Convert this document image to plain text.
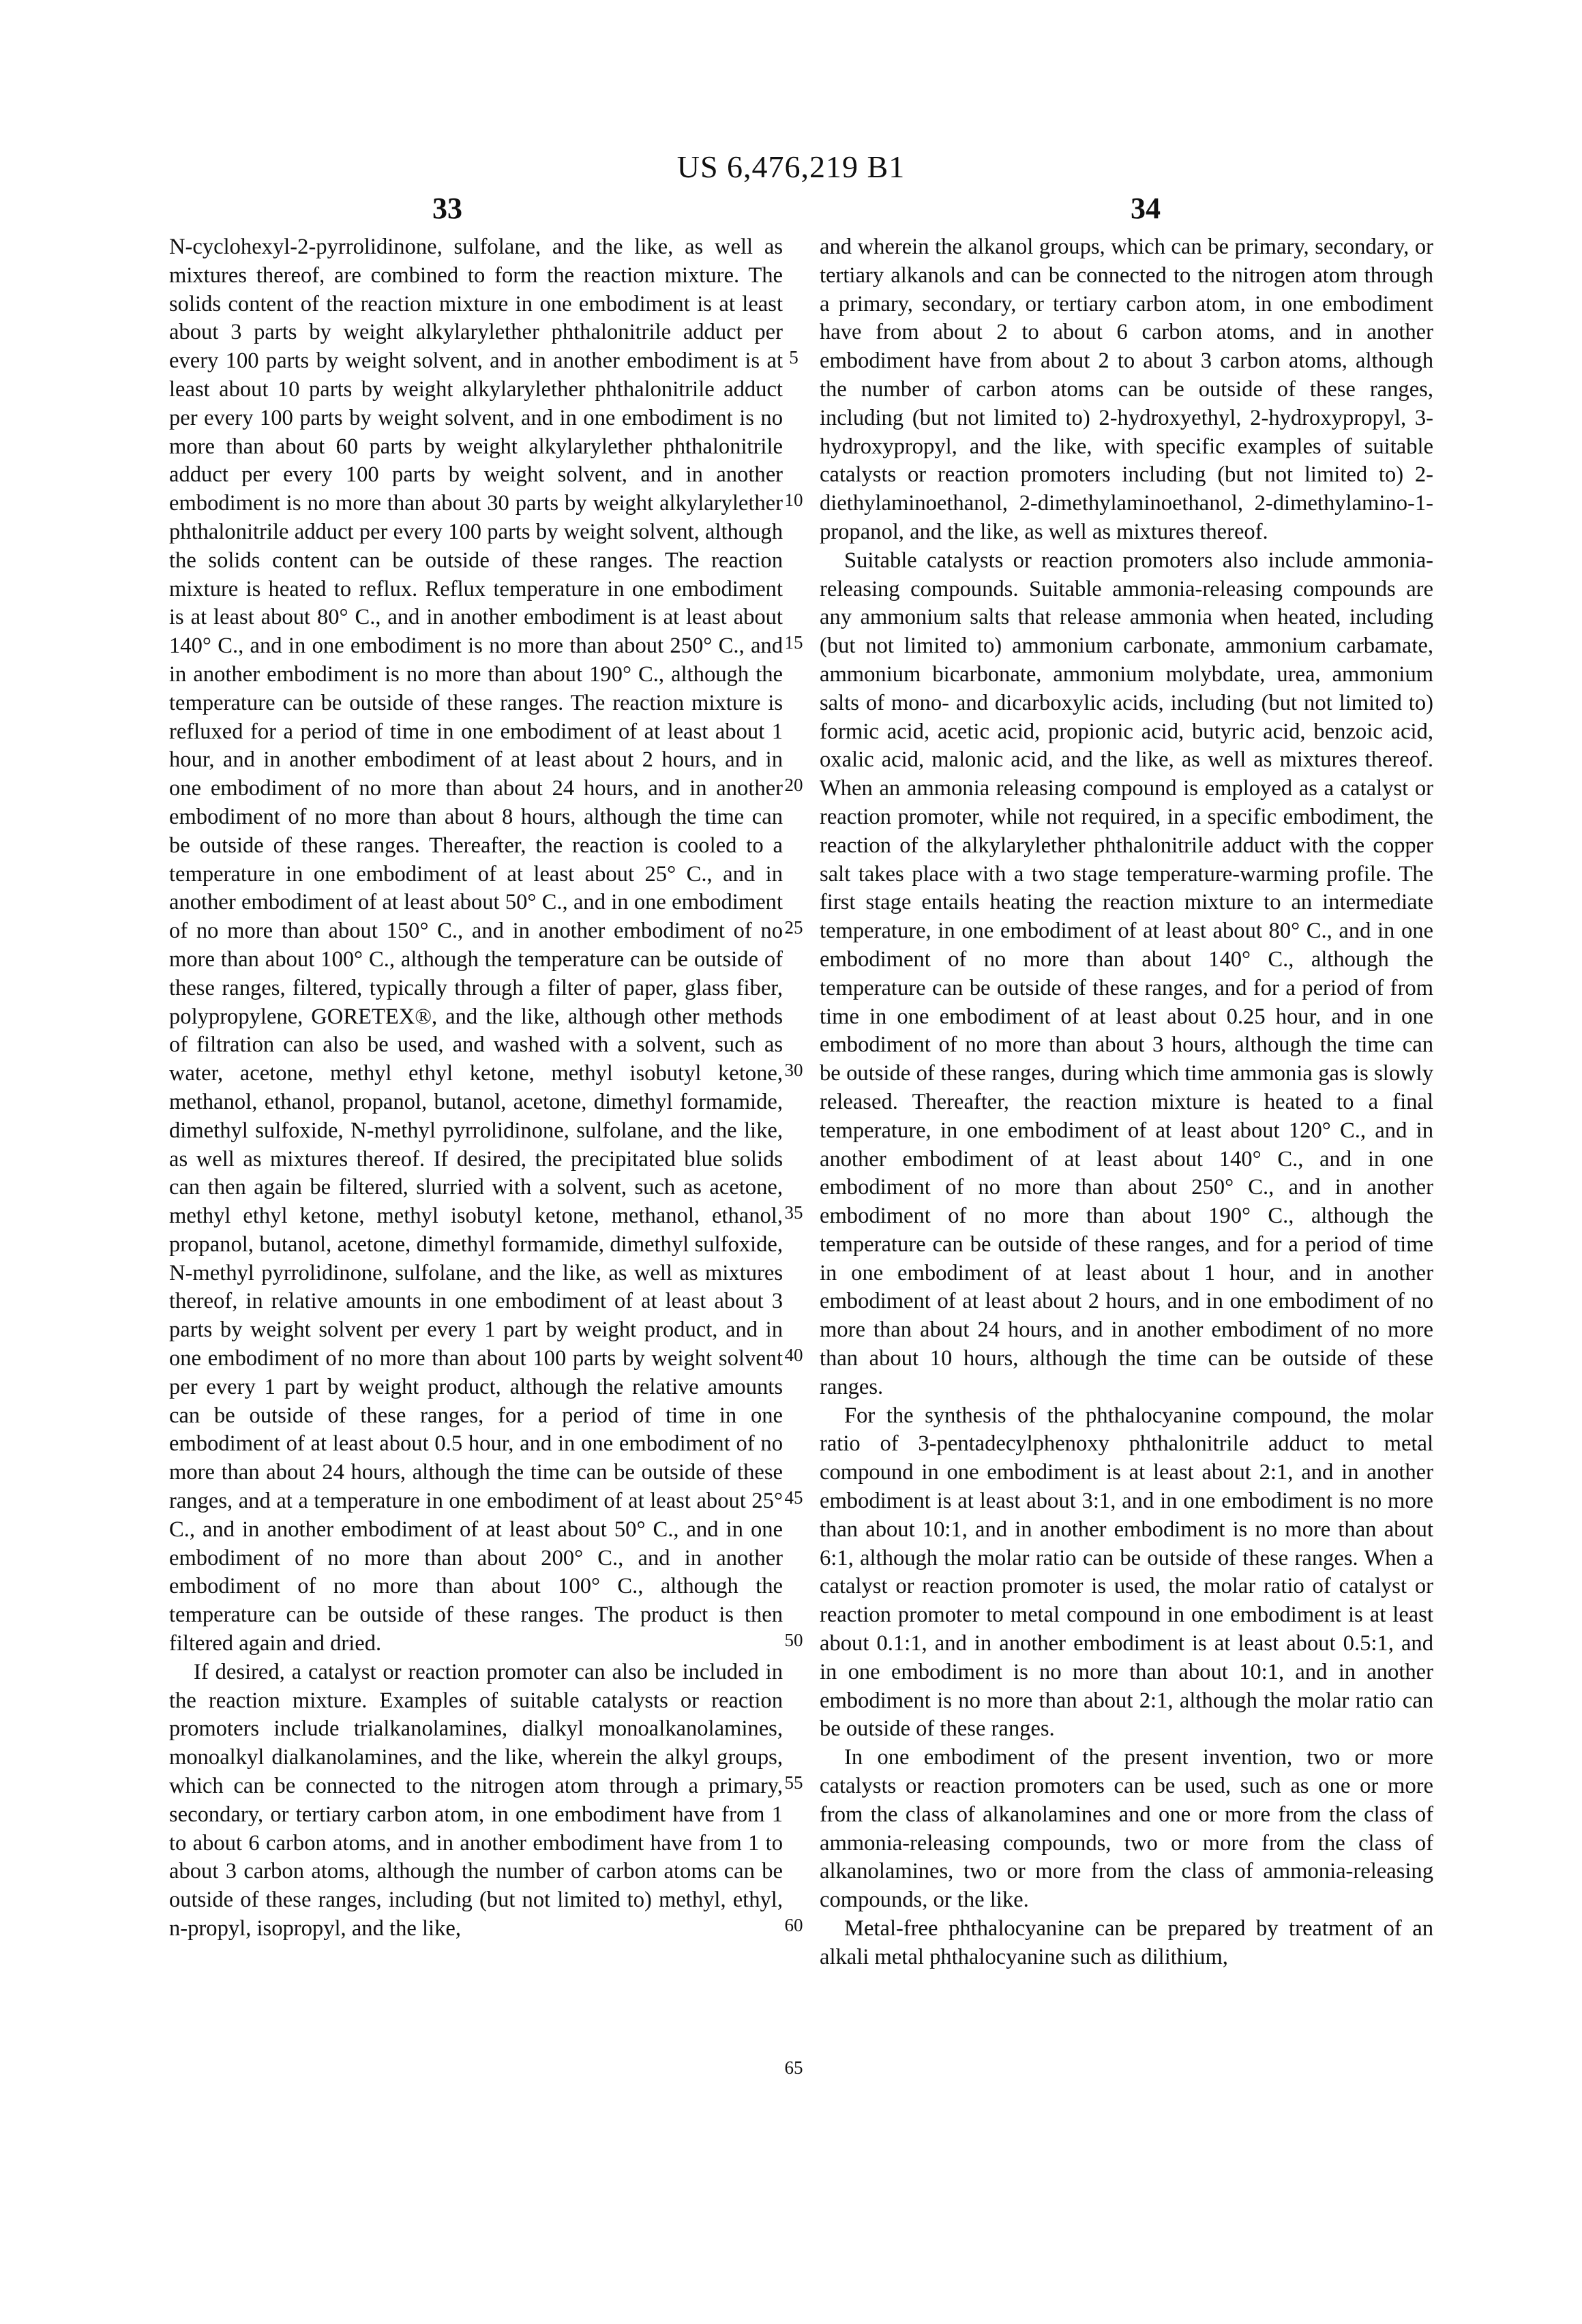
US 6,476,219 B1
33	34

N-cyclohexyl-2-pyrrolidinone, sulfolane, and the like, as well as mixtures thereof, are combined to form the reaction mixture. The solids content of the reaction mixture in one embodiment is at least about 3 parts by weight alkylarylether phthalonitrile adduct per every 100 parts by weight solvent, and in another embodiment is at least about 10 parts by weight alkylarylether phthalonitrile adduct per every 100 parts by weight solvent, and in one embodiment is no more than about 60 parts by weight alkylarylether phthalonitrile adduct per every 100 parts by weight solvent, and in another embodiment is no more than about 30 parts by weight alkylarylether phthalonitrile adduct per every 100 parts by weight solvent, although the solids content can be outside of these ranges. The reaction mixture is heated to reflux. Reflux temperature in one embodiment is at least about 80° C., and in another embodiment is at least about 140° C., and in one embodiment is no more than about 250° C., and in another embodiment is no more than about 190° C., although the temperature can be outside of these ranges. The reaction mixture is refluxed for a period of time in one embodiment of at least about 1 hour, and in another embodiment of at least about 2 hours, and in one embodiment of no more than about 24 hours, and in another embodiment of no more than about 8 hours, although the time can be outside of these ranges. Thereafter, the reaction is cooled to a temperature in one embodiment of at least about 25° C., and in another embodiment of at least about 50° C., and in one embodiment of no more than about 150° C., and in another embodiment of no more than about 100° C., although the temperature can be outside of these ranges, filtered, typically through a filter of paper, glass fiber, polypropylene, GORETEX®, and the like, although other methods of filtration can also be used, and washed with a solvent, such as water, acetone, methyl ethyl ketone, methyl isobutyl ketone, methanol, ethanol, propanol, butanol, acetone, dimethyl formamide, dimethyl sulfoxide, N-methyl pyrrolidinone, sulfolane, and the like, as well as mixtures thereof. If desired, the precipitated blue solids can then again be filtered, slurried with a solvent, such as acetone, methyl ethyl ketone, methyl isobutyl ketone, methanol, ethanol, propanol, butanol, acetone, dimethyl formamide, dimethyl sulfoxide, N-methyl pyrrolidinone, sulfolane, and the like, as well as mixtures thereof, in relative amounts in one embodiment of at least about 3 parts by weight solvent per every 1 part by weight product, and in one embodiment of no more than about 100 parts by weight solvent per every 1 part by weight product, although the relative amounts can be outside of these ranges, for a period of time in one embodiment of at least about 0.5 hour, and in one embodiment of no more than about 24 hours, although the time can be outside of these ranges, and at a temperature in one embodiment of at least about 25° C., and in another embodiment of at least about 50° C., and in one embodiment of no more than about 200° C., and in another embodiment of no more than about 100° C., although the temperature can be outside of these ranges. The product is then filtered again and dried.

If desired, a catalyst or reaction promoter can also be included in the reaction mixture. Examples of suitable catalysts or reaction promoters include trialkanolamines, dialkyl monoalkanolamines, monoalkyl dialkanolamines, and the like, wherein the alkyl groups, which can be connected to the nitrogen atom through a primary, secondary, or tertiary carbon atom, in one embodiment have from 1 to about 6 carbon atoms, and in another embodiment have from 1 to about 3 carbon atoms, although the number of carbon atoms can be outside of these ranges, including (but not limited to) methyl, ethyl, n-propyl, isopropyl, and the like,

and wherein the alkanol groups, which can be primary, secondary, or tertiary alkanols and can be connected to the nitrogen atom through a primary, secondary, or tertiary carbon atom, in one embodiment have from about 2 to about 6 carbon atoms, and in another embodiment have from about 2 to about 3 carbon atoms, although the number of carbon atoms can be outside of these ranges, including (but not limited to) 2-hydroxyethyl, 2-hydroxypropyl, 3-hydroxypropyl, and the like, with specific examples of suitable catalysts or reaction promoters including (but not limited to) 2-diethylaminoethanol, 2-dimethylaminoethanol, 2-dimethylamino-1-propanol, and the like, as well as mixtures thereof.

Suitable catalysts or reaction promoters also include ammonia-releasing compounds. Suitable ammonia-releasing compounds are any ammonium salts that release ammonia when heated, including (but not limited to) ammonium carbonate, ammonium carbamate, ammonium bicarbonate, ammonium molybdate, urea, ammonium salts of mono- and dicarboxylic acids, including (but not limited to) formic acid, acetic acid, propionic acid, butyric acid, benzoic acid, oxalic acid, malonic acid, and the like, as well as mixtures thereof. When an ammonia releasing compound is employed as a catalyst or reaction promoter, while not required, in a specific embodiment, the reaction of the alkylarylether phthalonitrile adduct with the copper salt takes place with a two stage temperature-warming profile. The first stage entails heating the reaction mixture to an intermediate temperature, in one embodiment of at least about 80° C., and in one embodiment of no more than about 140° C., although the temperature can be outside of these ranges, and for a period of from time in one embodiment of at least about 0.25 hour, and in one embodiment of no more than about 3 hours, although the time can be outside of these ranges, during which time ammonia gas is slowly released. Thereafter, the reaction mixture is heated to a final temperature, in one embodiment of at least about 120° C., and in another embodiment of at least about 140° C., and in one embodiment of no more than about 250° C., and in another embodiment of no more than about 190° C., although the temperature can be outside of these ranges, and for a period of time in one embodiment of at least about 1 hour, and in another embodiment of at least about 2 hours, and in one embodiment of no more than about 24 hours, and in another embodiment of no more than about 10 hours, although the time can be outside of these ranges.

For the synthesis of the phthalocyanine compound, the molar ratio of 3-pentadecylphenoxy phthalonitrile adduct to metal compound in one embodiment is at least about 2:1, and in another embodiment is at least about 3:1, and in one embodiment is no more than about 10:1, and in another embodiment is no more than about 6:1, although the molar ratio can be outside of these ranges. When a catalyst or reaction promoter is used, the molar ratio of catalyst or reaction promoter to metal compound in one embodiment is at least about 0.1:1, and in another embodiment is at least about 0.5:1, and in one embodiment is no more than about 10:1, and in another embodiment is no more than about 2:1, although the molar ratio can be outside of these ranges.

In one embodiment of the present invention, two or more catalysts or reaction promoters can be used, such as one or more from the class of alkanolamines and one or more from the class of ammonia-releasing compounds, two or more from the class of alkanolamines, two or more from the class of ammonia-releasing compounds, or the like.

Metal-free phthalocyanine can be prepared by treatment of an alkali metal phthalocyanine such as dilithium,

5
10
15
20
25
30
35
40
45
50
55
60
65
